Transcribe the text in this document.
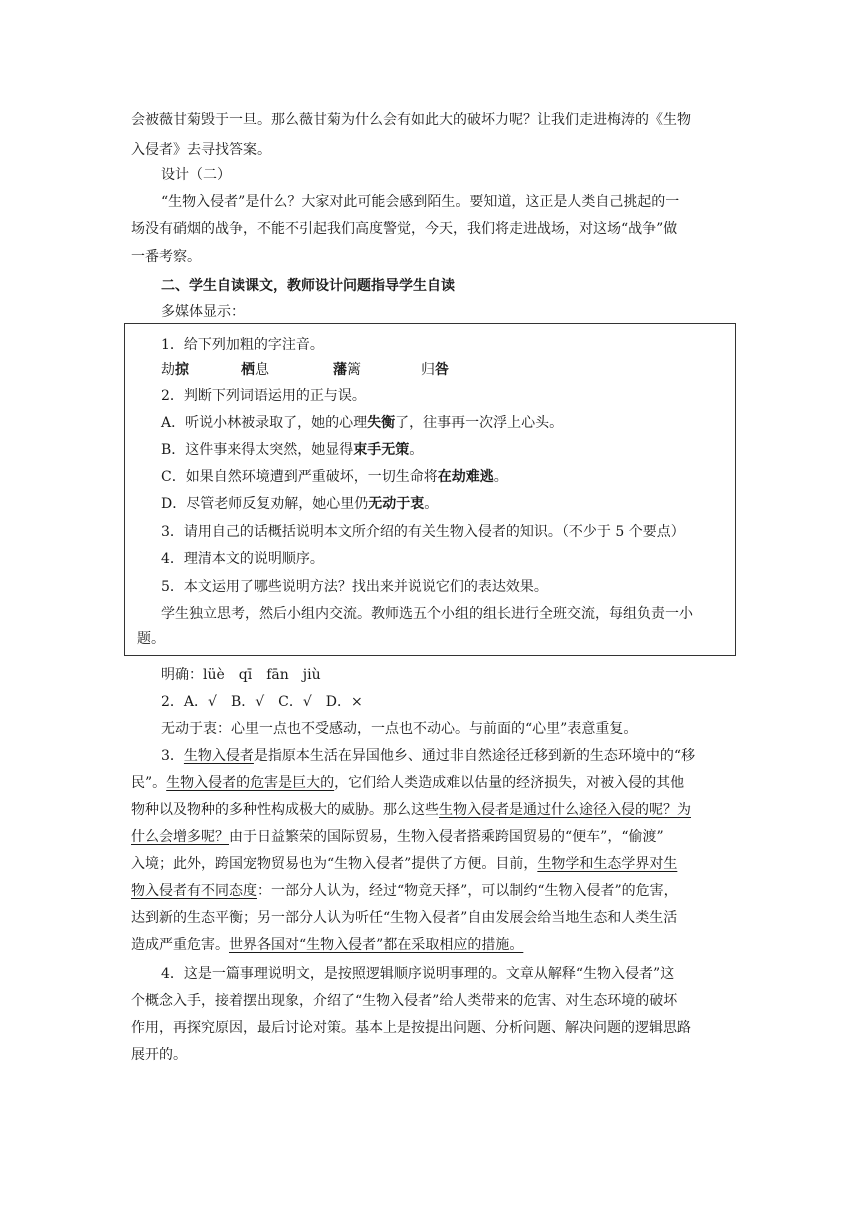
会被薇甘菊毁于一旦。那么薇甘菊为什么会有如此大的破坏力呢？让我们走进梅涛的《生物
入侵者》去寻找答案。
设计（二）
“生物入侵者”是什么？大家对此可能会感到陌生。要知道，这正是人类自己挑起的一
场没有硝烟的战争，不能不引起我们高度警觉，今天，我们将走进战场，对这场“战争”做
一番考察。
二、学生自读课文，教师设计问题指导学生自读
多媒体显示：
1．给下列加粗的字注音。
劫掠	栖息	藩篱	归咎
2．判断下列词语运用的正与误。
A．听说小林被录取了，她的心理失衡了，往事再一次浮上心头。
B．这件事来得太突然，她显得束手无策。
C．如果自然环境遭到严重破坏，一切生命将在劫难逃。
D．尽管老师反复劝解，她心里仍无动于衷。
3．请用自己的话概括说明本文所介绍的有关生物入侵者的知识。（不少于 5 个要点）
4．理清本文的说明顺序。
5．本文运用了哪些说明方法？找出来并说说它们的表达效果。
学生独立思考，然后小组内交流。教师选五个小组的组长进行全班交流，每组负责一小
题。
明确：lüè　qī　fān　jiù
2．A．√　B．√　C．√　D．×
无动于衷：心里一点也不受感动，一点也不动心。与前面的“心里”表意重复。
3．生物入侵者是指原本生活在异国他乡、通过非自然途径迁移到新的生态环境中的“移
民”。生物入侵者的危害是巨大的，它们给人类造成难以估量的经济损失，对被入侵的其他
物种以及物种的多种性构成极大的威胁。那么这些生物入侵者是通过什么途径入侵的呢？为
什么会增多呢？由于日益繁荣的国际贸易，生物入侵者搭乘跨国贸易的“便车”，“偷渡”
入境；此外，跨国宠物贸易也为“生物入侵者”提供了方便。目前，生物学和生态学界对生
物入侵者有不同态度：一部分人认为，经过“物竞天择”，可以制约“生物入侵者”的危害，
达到新的生态平衡；另一部分人认为听任“生物入侵者”自由发展会给当地生态和人类生活
造成严重危害。世界各国对“生物入侵者”都在采取相应的措施。
4．这是一篇事理说明文，是按照逻辑顺序说明事理的。文章从解释“生物入侵者”这
个概念入手，接着摆出现象，介绍了“生物入侵者”给人类带来的危害、对生态环境的破坏
作用，再探究原因，最后讨论对策。基本上是按提出问题、分析问题、解决问题的逻辑思路
展开的。
